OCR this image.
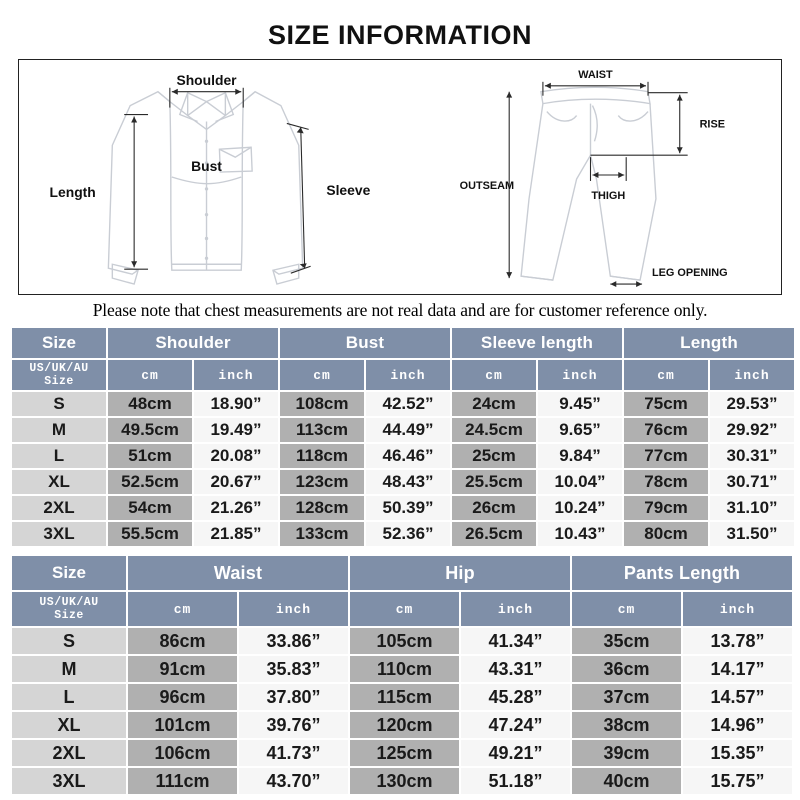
SIZE INFORMATION
Shoulder
Length
Bust
Sleeve
WAIST
RISE
OUTSEAM
THIGH
LEG OPENING
Please note that chest measurements are not real data and are for customer reference only.
Size	Shoulder		Bust		Sleeve length		Length	
US/UK/AU
Size	cm	inch	cm	inch	cm	inch	cm	inch
S	48cm	18.90”	108cm	42.52”	24cm	9.45”	75cm	29.53”
M	49.5cm	19.49”	113cm	44.49”	24.5cm	9.65”	76cm	29.92”
L	51cm	20.08”	118cm	46.46”	25cm	9.84”	77cm	30.31”
XL	52.5cm	20.67”	123cm	48.43”	25.5cm	10.04”	78cm	30.71”
2XL	54cm	21.26”	128cm	50.39”	26cm	10.24”	79cm	31.10”
3XL	55.5cm	21.85”	133cm	52.36”	26.5cm	10.43”	80cm	31.50”
Size	Waist		Hip		Pants Length	
US/UK/AU
Size	cm	inch	cm	inch	cm	inch
S	86cm	33.86”	105cm	41.34”	35cm	13.78”
M	91cm	35.83”	110cm	43.31”	36cm	14.17”
L	96cm	37.80”	115cm	45.28”	37cm	14.57”
XL	101cm	39.76”	120cm	47.24”	38cm	14.96”
2XL	106cm	41.73”	125cm	49.21”	39cm	15.35”
3XL	111cm	43.70”	130cm	51.18”	40cm	15.75”
